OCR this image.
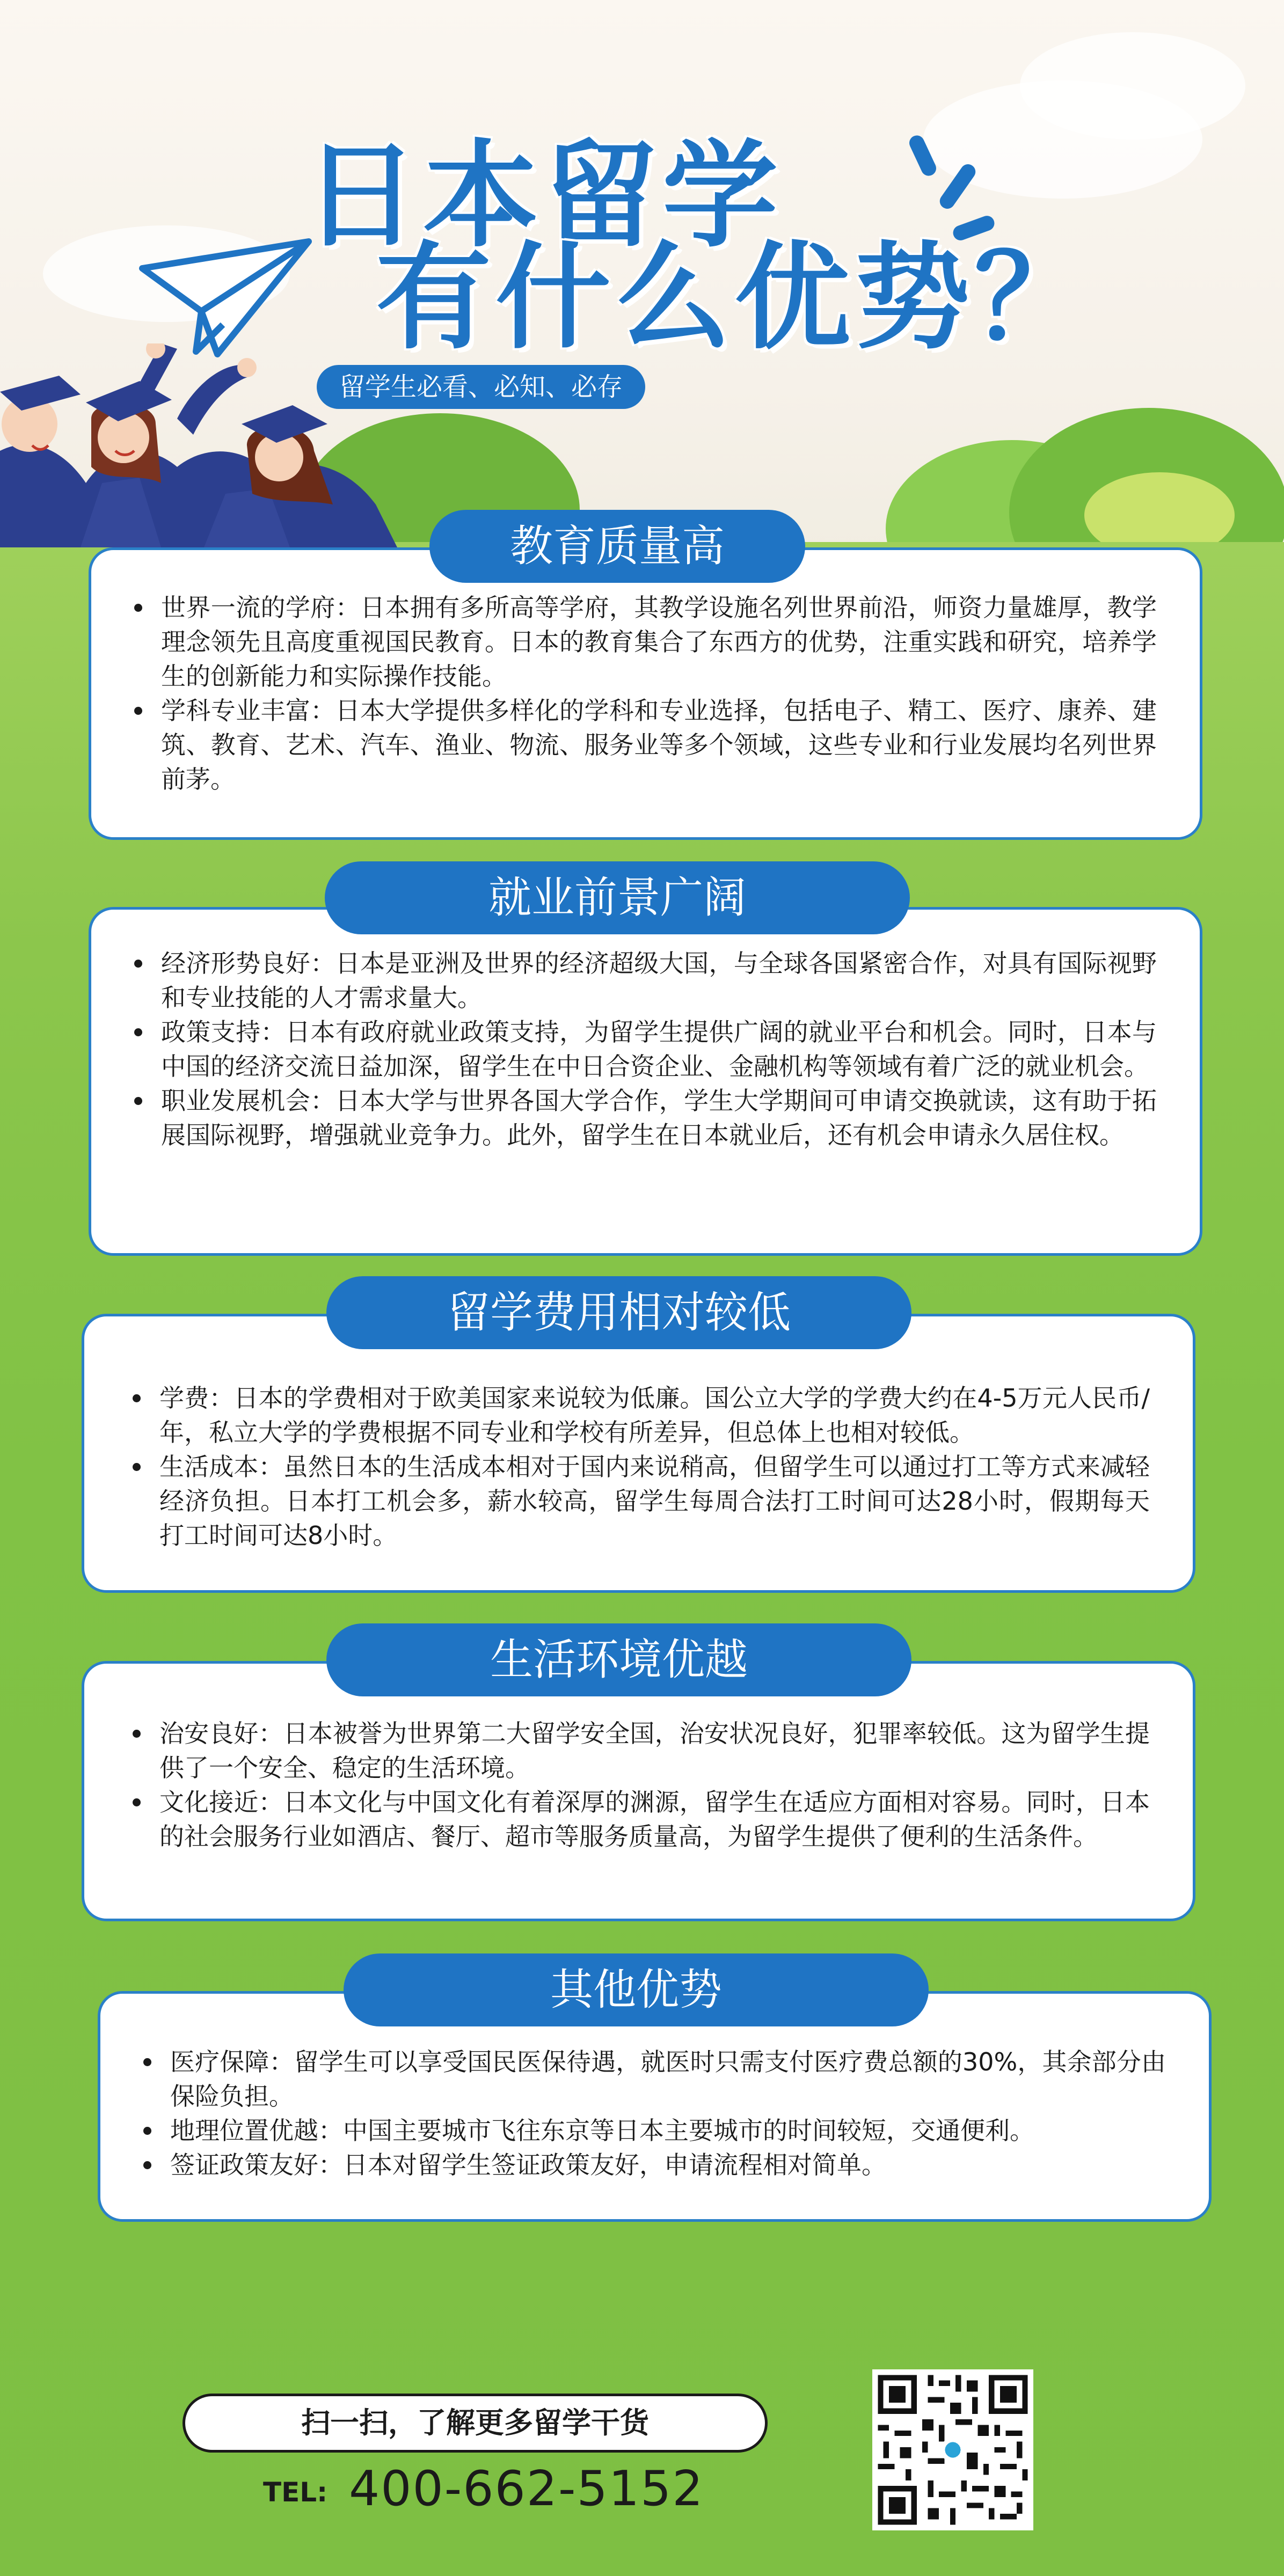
日本留学
有什么优势？
留学生必看、必知、必存
世界一流的学府：日本拥有多所高等学府，其教学设施名列世界前沿，师资力量雄厚，教学理念领先且高度重视国民教育。日本的教育集合了东西方的优势，注重实践和研究，培养学生的创新能力和实际操作技能。
学科专业丰富：日本大学提供多样化的学科和专业选择，包括电子、精工、医疗、康养、建筑、教育、艺术、汽车、渔业、物流、服务业等多个领域，这些专业和行业发展均名列世界前茅。
教育质量高
经济形势良好：日本是亚洲及世界的经济超级大国，与全球各国紧密合作，对具有国际视野和专业技能的人才需求量大。
政策支持：日本有政府就业政策支持，为留学生提供广阔的就业平台和机会。同时，日本与中国的经济交流日益加深，留学生在中日合资企业、金融机构等领域有着广泛的就业机会。
职业发展机会：日本大学与世界各国大学合作，学生大学期间可申请交换就读，这有助于拓展国际视野，增强就业竞争力。此外，留学生在日本就业后，还有机会申请永久居住权。
就业前景广阔
学费：日本的学费相对于欧美国家来说较为低廉。国公立大学的学费大约在4-5万元人民币/年，私立大学的学费根据不同专业和学校有所差异，但总体上也相对较低。
生活成本：虽然日本的生活成本相对于国内来说稍高，但留学生可以通过打工等方式来减轻经济负担。日本打工机会多，薪水较高，留学生每周合法打工时间可达28小时，假期每天打工时间可达8小时。
留学费用相对较低
治安良好：日本被誉为世界第二大留学安全国，治安状况良好，犯罪率较低。这为留学生提供了一个安全、稳定的生活环境。
文化接近：日本文化与中国文化有着深厚的渊源，留学生在适应方面相对容易。同时，日本的社会服务行业如酒店、餐厅、超市等服务质量高，为留学生提供了便利的生活条件。
生活环境优越
医疗保障：留学生可以享受国民医保待遇，就医时只需支付医疗费总额的30%，其余部分由保险负担。
地理位置优越：中国主要城市飞往东京等日本主要城市的时间较短，交通便利。
签证政策友好：日本对留学生签证政策友好，申请流程相对简单。
其他优势
扫一扫，了解更多留学干货
TEL: 400-662-5152
